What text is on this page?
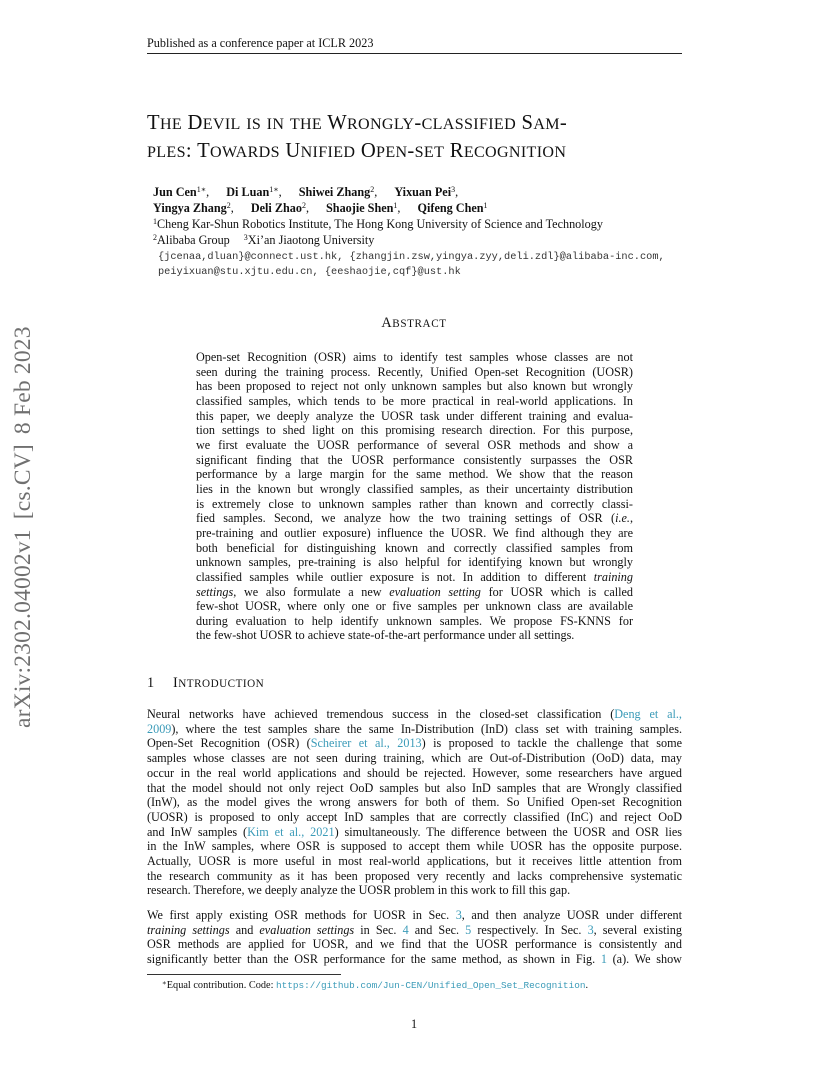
Published as a conference paper at ICLR 2023
arXiv:2302.04002v1[cs.CV]8 Feb 2023
THE DEVIL IS IN THE WRONGLY-CLASSIFIED SAM-
PLES: TOWARDS UNIFIED OPEN-SET RECOGNITION
Jun Cen$^{1∗}$, Di Luan$^{1∗}$, Shiwei Zhang$^2$, Yixuan Pei$^3$,
Yingya Zhang$^2$, Deli Zhao$^2$, Shaojie Shen$^1$, Qifeng Chen$^1$
$^1$Cheng Kar-Shun Robotics Institute, The Hong Kong University of Science and Technology
$^2$Alibaba Group $^3$Xi’an Jiaotong University
{jcenaa,dluan}@connect.ust.hk, {zhangjin.zsw,yingya.zyy,deli.zdl}@alibaba-inc.com,
peiyixuan@stu.xjtu.edu.cn, {eeshaojie,cqf}@ust.hk
ABSTRACT
Open-set Recognition (OSR) aims to identify test samples whose classes are not
seen during the training process. Recently, Unified Open-set Recognition (UOSR)
has been proposed to reject not only unknown samples but also known but wrongly
classified samples, which tends to be more practical in real-world applications. In
this paper, we deeply analyze the UOSR task under different training and evalua-
tion settings to shed light on this promising research direction. For this purpose,
we first evaluate the UOSR performance of several OSR methods and show a
significant finding that the UOSR performance consistently surpasses the OSR
performance by a large margin for the same method. We show that the reason
lies in the known but wrongly classified samples, as their uncertainty distribution
is extremely close to unknown samples rather than known and correctly classi-
fied samples. Second, we analyze how the two training settings of OSR (i.e.,
pre-training and outlier exposure) influence the UOSR. We find although they are
both beneficial for distinguishing known and correctly classified samples from
unknown samples, pre-training is also helpful for identifying known but wrongly
classified samples while outlier exposure is not. In addition to different training
settings, we also formulate a new evaluation setting for UOSR which is called
few-shot UOSR, where only one or five samples per unknown class are available
during evaluation to help identify unknown samples. We propose FS-KNNS for
the few-shot UOSR to achieve state-of-the-art performance under all settings.
1 INTRODUCTION
Neural networks have achieved tremendous success in the closed-set classification (Deng et al.,
2009), where the test samples share the same In-Distribution (InD) class set with training samples.
Open-Set Recognition (OSR) (Scheirer et al., 2013) is proposed to tackle the challenge that some
samples whose classes are not seen during training, which are Out-of-Distribution (OoD) data, may
occur in the real world applications and should be rejected. However, some researchers have argued
that the model should not only reject OoD samples but also InD samples that are Wrongly classified
(InW), as the model gives the wrong answers for both of them. So Unified Open-set Recognition
(UOSR) is proposed to only accept InD samples that are correctly classified (InC) and reject OoD
and InW samples (Kim et al., 2021) simultaneously. The difference between the UOSR and OSR lies
in the InW samples, where OSR is supposed to accept them while UOSR has the opposite purpose.
Actually, UOSR is more useful in most real-world applications, but it receives little attention from
the research community as it has been proposed very recently and lacks comprehensive systematic
research. Therefore, we deeply analyze the UOSR problem in this work to fill this gap.
We first apply existing OSR methods for UOSR in Sec. 3, and then analyze UOSR under different
training settings and evaluation settings in Sec. 4 and Sec. 5 respectively. In Sec. 3, several existing
OSR methods are applied for UOSR, and we find that the UOSR performance is consistently and
significantly better than the OSR performance for the same method, as shown in Fig. 1 (a). We show
∗Equal contribution. Code: https://github.com/Jun-CEN/Unified_Open_Set_Recognition.
1
